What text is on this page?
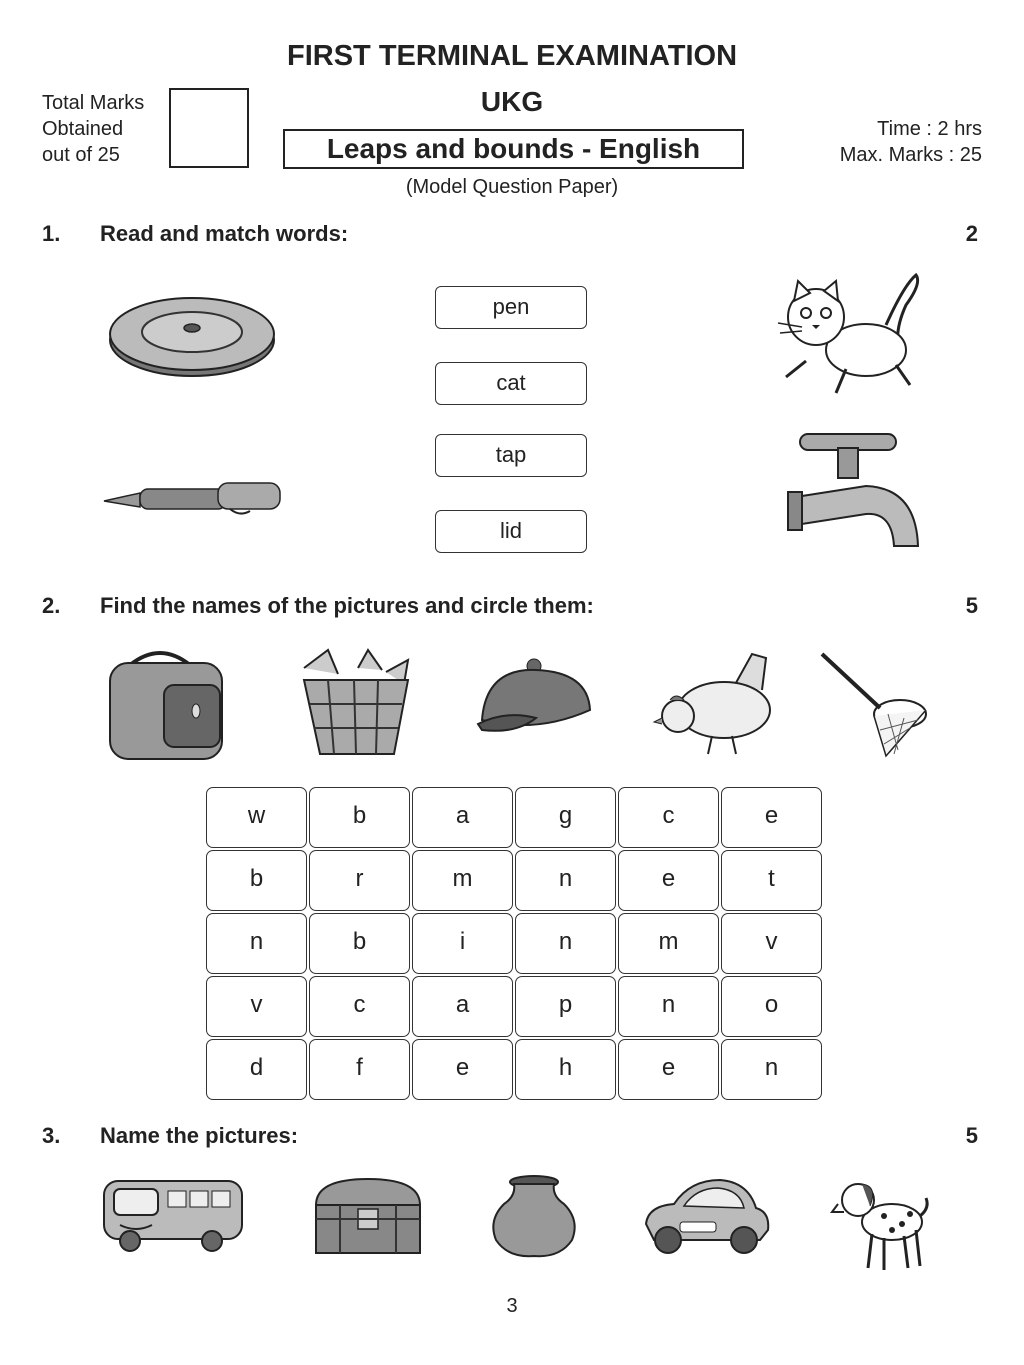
FIRST TERMINAL EXAMINATION
UKG
Leaps and bounds - English
(Model Question Paper)
Total Marks
Obtained
out of 25
Time : 2 hrs
Max. Marks : 25
1. Read and match words:	2
pen
cat
tap
lid
2. Find the names of the pictures and circle them:	5
w	b	a	g	c	e
b	r	m	n	e	t
n	b	i	n	m	v
v	c	a	p	n	o
d	f	e	h	e	n
3. Name the pictures:	5
3
